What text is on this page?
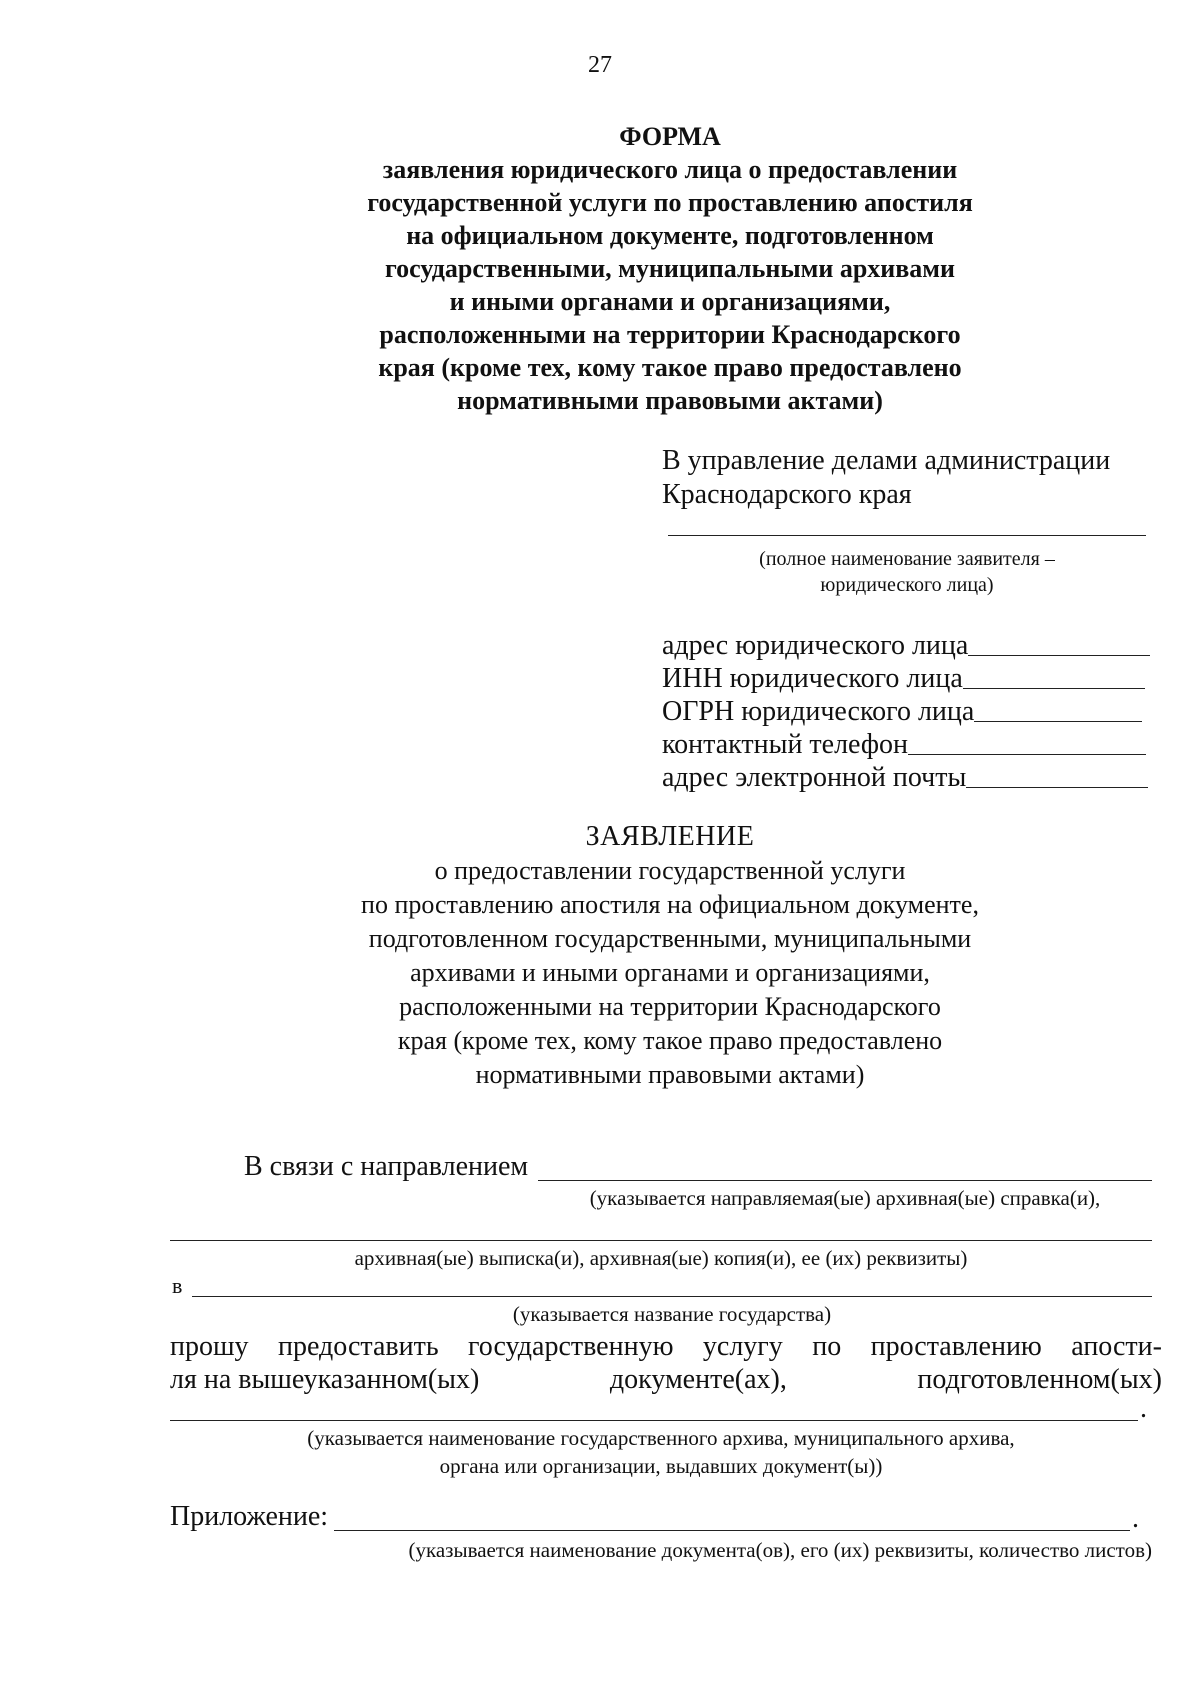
27
ФОРМА
заявления юридического лица о предоставлении
государственной услуги по проставлению апостиля
на официальном документе, подготовленном
государственными, муниципальными архивами
и иными органами и организациями,
расположенными на территории Краснодарского
края (кроме тех, кому такое право предоставлено
нормативными правовыми актами)
В управление делами администрации
Краснодарского края
(полное наименование заявителя –
юридического лица)
адрес юридического лица
ИНН юридического лица
ОГРН юридического лица
контактный телефон
адрес электронной почты
ЗАЯВЛЕНИЕ
о предоставлении государственной услуги
по проставлению апостиля на официальном документе,
подготовленном государственными, муниципальными
архивами и иными органами и организациями,
расположенными на территории Краснодарского
края (кроме тех, кому такое право предоставлено
нормативными правовыми актами)
В связи с направлением
(указывается направляемая(ые) архивная(ые) справка(и),
архивная(ые) выписка(и), архивная(ые) копия(и), ее (их) реквизиты)
в
(указывается название государства)
прошу предоставить государственную услугу по проставлению апости-
ля на вышеуказанном(ых)	документе(ах),	подготовленном(ых)
.
(указывается наименование государственного архива, муниципального архива,
органа или организации, выдавших документ(ы))
Приложение:	.
(указывается наименование документа(ов), его (их) реквизиты, количество листов)
